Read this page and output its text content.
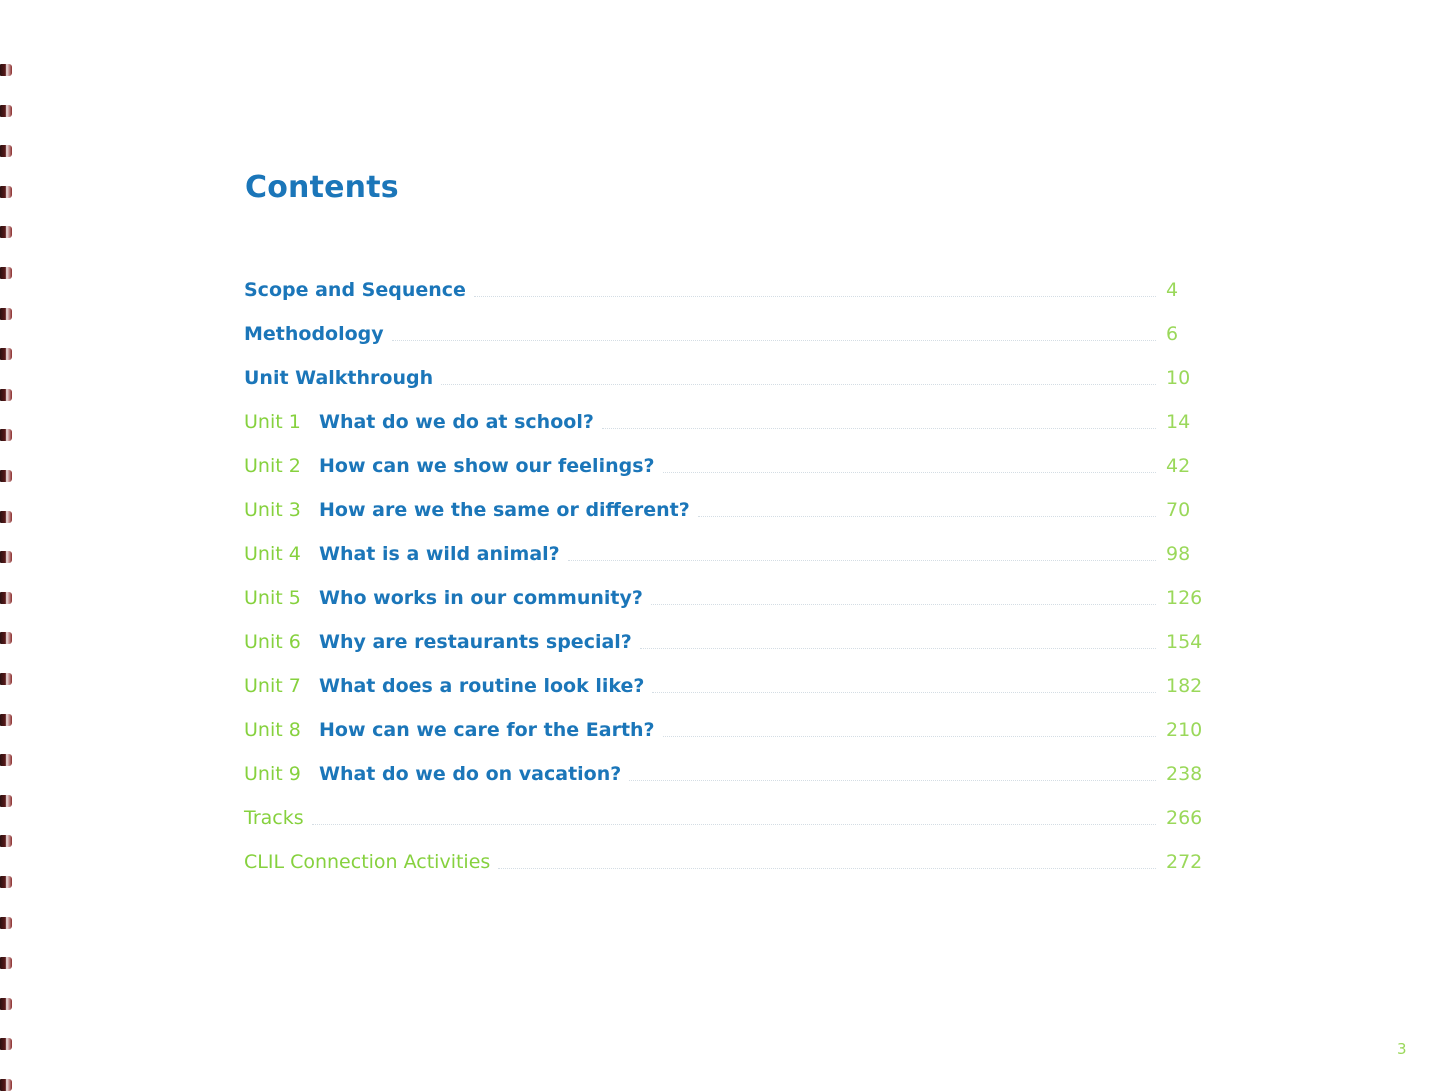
Contents
Scope and Sequence	4
Methodology	6
Unit Walkthrough	10
Unit 1 What do we do at school?	14
Unit 2 How can we show our feelings?	42
Unit 3 How are we the same or different?	70
Unit 4 What is a wild animal?	98
Unit 5 Who works in our community?	126
Unit 6 Why are restaurants special?	154
Unit 7 What does a routine look like?	182
Unit 8 How can we care for the Earth?	210
Unit 9 What do we do on vacation?	238
Tracks	266
CLIL Connection Activities	272
3
